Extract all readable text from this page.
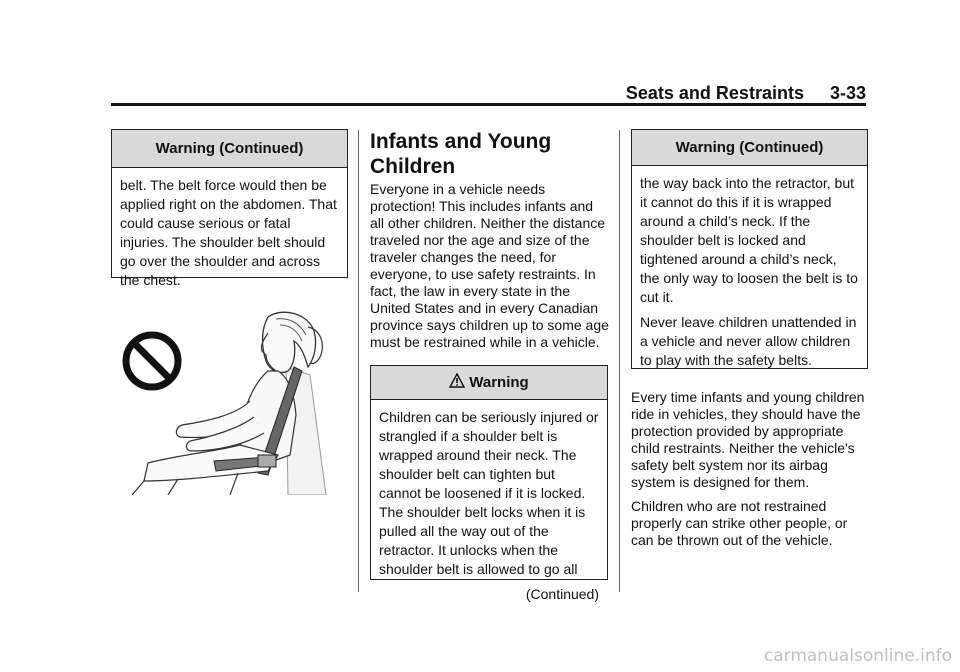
Seats and Restraints 3-33
Warning (Continued)

belt. The belt force would then be applied right on the abdomen. That could cause serious or fatal injuries. The shoulder belt should go over the shoulder and across the chest.

Infants and Young Children

Everyone in a vehicle needs protection! This includes infants and all other children. Neither the distance traveled nor the age and size of the traveler changes the need, for everyone, to use safety restraints. In fact, the law in every state in the United States and in every Canadian province says children up to some age must be restrained while in a vehicle.

Warning

Children can be seriously injured or strangled if a shoulder belt is wrapped around their neck. The shoulder belt can tighten but cannot be loosened if it is locked. The shoulder belt locks when it is pulled all the way out of the retractor. It unlocks when the shoulder belt is allowed to go all

(Continued)
Warning (Continued)

the way back into the retractor, but it cannot do this if it is wrapped around a child’s neck. If the shoulder belt is locked and tightened around a child’s neck, the only way to loosen the belt is to cut it.

Never leave children unattended in a vehicle and never allow children to play with the safety belts.

Every time infants and young children ride in vehicles, they should have the protection provided by appropriate child restraints. Neither the vehicle's safety belt system nor its airbag system is designed for them.

Children who are not restrained properly can strike other people, or can be thrown out of the vehicle.

carmanualsonline.info
